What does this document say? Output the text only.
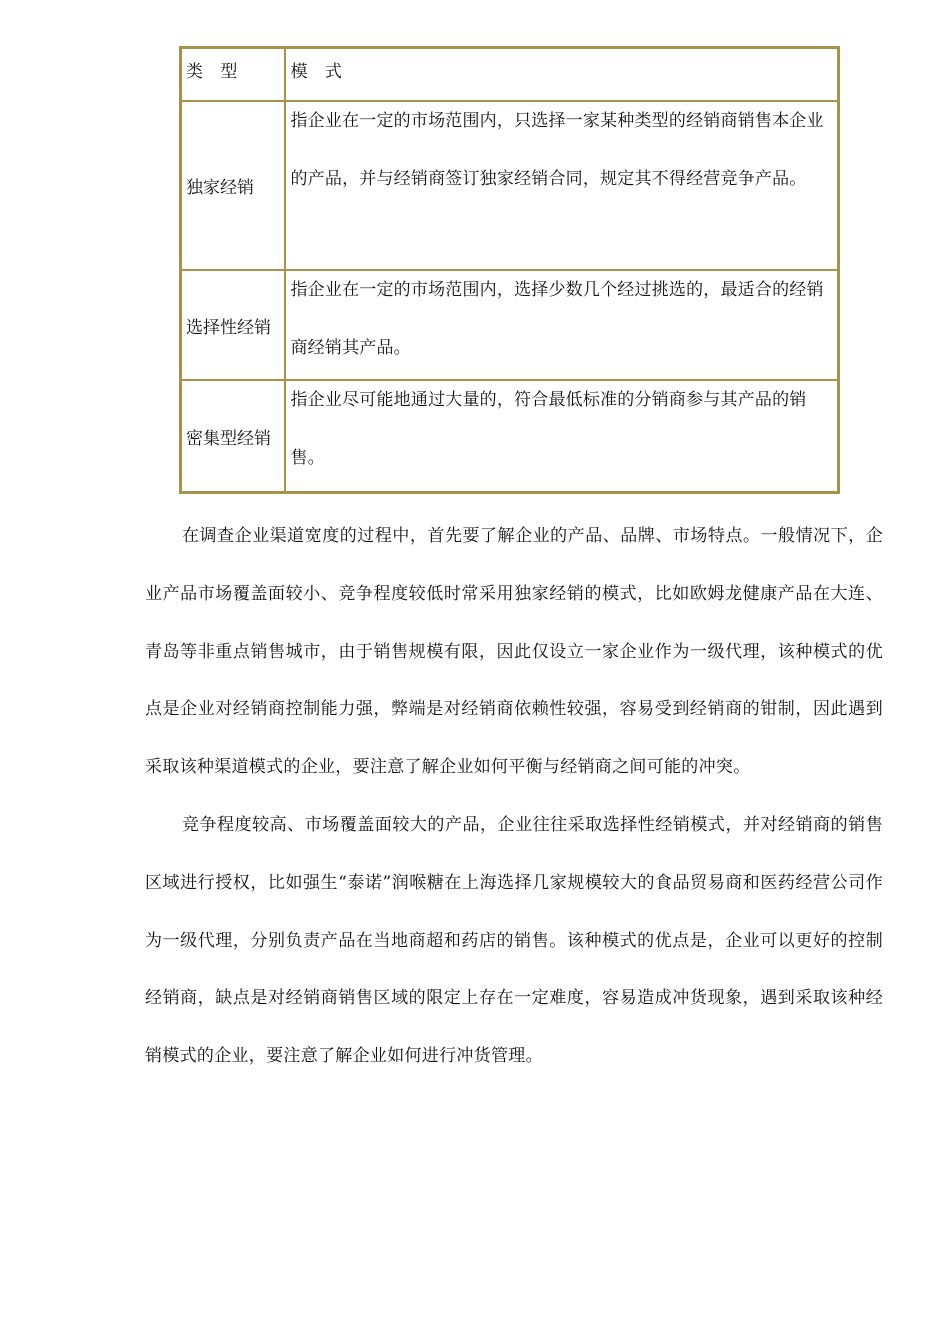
类 型	模 式
独家经销	指企业在一定的市场范围内，只选择一家某种类型的经销商销售本企业的产品，并与经销商签订独家经销合同，规定其不得经营竞争产品。

选择性经销	指企业在一定的市场范围内，选择少数几个经过挑选的，最适合的经销商经销其产品。

密集型经销	指企业尽可能地通过大量的，符合最低标准的分销商参与其产品的销售。

在调查企业渠道宽度的过程中，首先要了解企业的产品、品牌、市场特点。一般情况下，企业产品市场覆盖面较小、竞争程度较低时常采用独家经销的模式，比如欧姆龙健康产品在大连、青岛等非重点销售城市，由于销售规模有限，因此仅设立一家企业作为一级代理，该种模式的优点是企业对经销商控制能力强，弊端是对经销商依赖性较强，容易受到经销商的钳制，因此遇到采取该种渠道模式的企业，要注意了解企业如何平衡与经销商之间可能的冲突。

竞争程度较高、市场覆盖面较大的产品，企业往往采取选择性经销模式，并对经销商的销售区域进行授权，比如强生“泰诺”润喉糖在上海选择几家规模较大的食品贸易商和医药经营公司作为一级代理，分别负责产品在当地商超和药店的销售。该种模式的优点是，企业可以更好的控制经销商，缺点是对经销商销售区域的限定上存在一定难度，容易造成冲货现象，遇到采取该种经销模式的企业，要注意了解企业如何进行冲货管理。
